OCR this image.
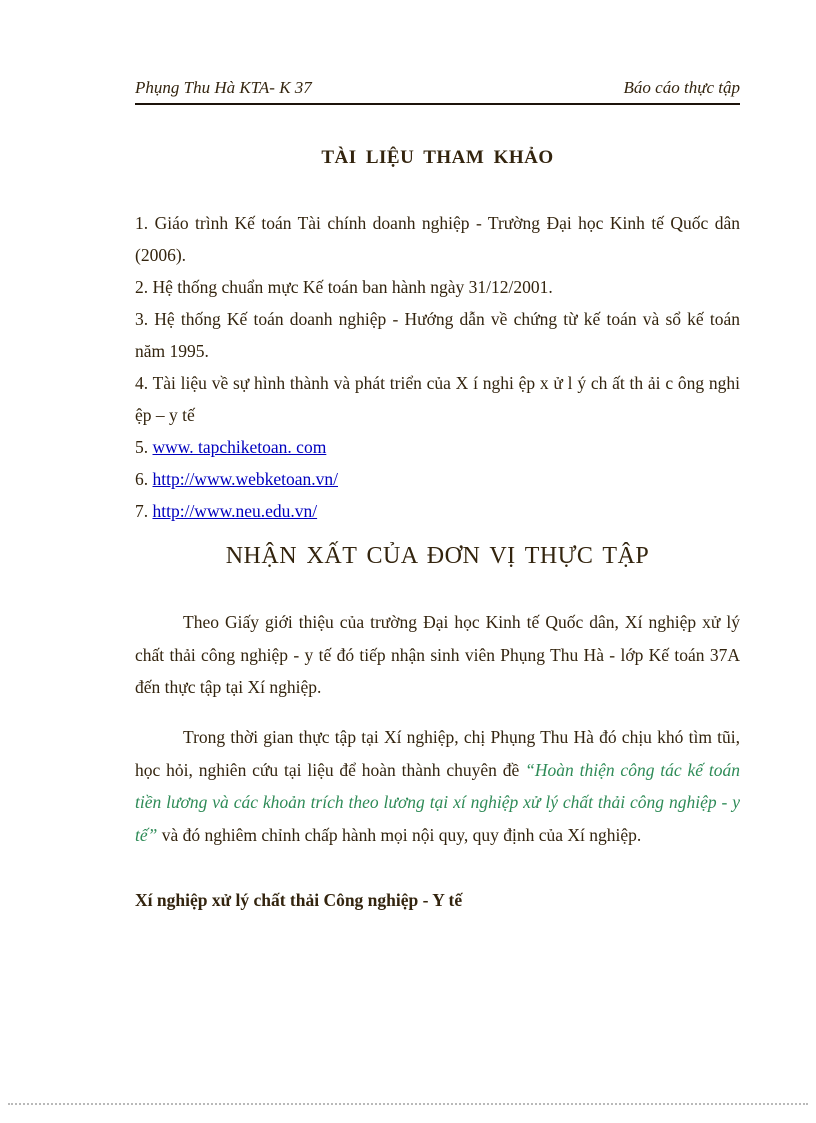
Phụng Thu Hà KTA- K 37	Báo cáo thực tập
TÀI LIỆU THAM KHẢO

1. Giáo trình Kế toán Tài chính doanh nghiệp - Trường Đại học Kinh tế Quốc dân (2006).

2. Hệ thống chuẩn mực Kế toán ban hành ngày 31/12/2001.

3. Hệ thống Kế toán doanh nghiệp - Hướng dẫn về chứng từ kế toán và sổ kế toán năm 1995.

4. Tài liệu về sự hình thành và phát triển của X í nghi ệp x ử l ý ch ất th ải c ông nghi ệp – y tế

5. www. tapchiketoan. com

6. http://www.webketoan.vn/

7. http://www.neu.edu.vn/

NHẬN XẤT CỦA ĐƠN VỊ THỰC TẬP

Theo Giấy giới thiệu của trường Đại học Kinh tế Quốc dân, Xí nghiệp xử lý chất thải công nghiệp - y tế đó tiếp nhận sinh viên Phụng Thu Hà - lớp Kế toán 37A đến thực tập tại Xí nghiệp.

Trong thời gian thực tập tại Xí nghiệp, chị Phụng Thu Hà đó chịu khó tìm tũi, học hỏi, nghiên cứu tại liệu để hoàn thành chuyên đề “Hoàn thiện công tác kế toán tiền lương và các khoản trích theo lương tại xí nghiệp xử lý chất thải công nghiệp - y tế” và đó nghiêm chỉnh chấp hành mọi nội quy, quy định của Xí nghiệp.

Xí nghiệp xử lý chất thải Công nghiệp - Y tế
